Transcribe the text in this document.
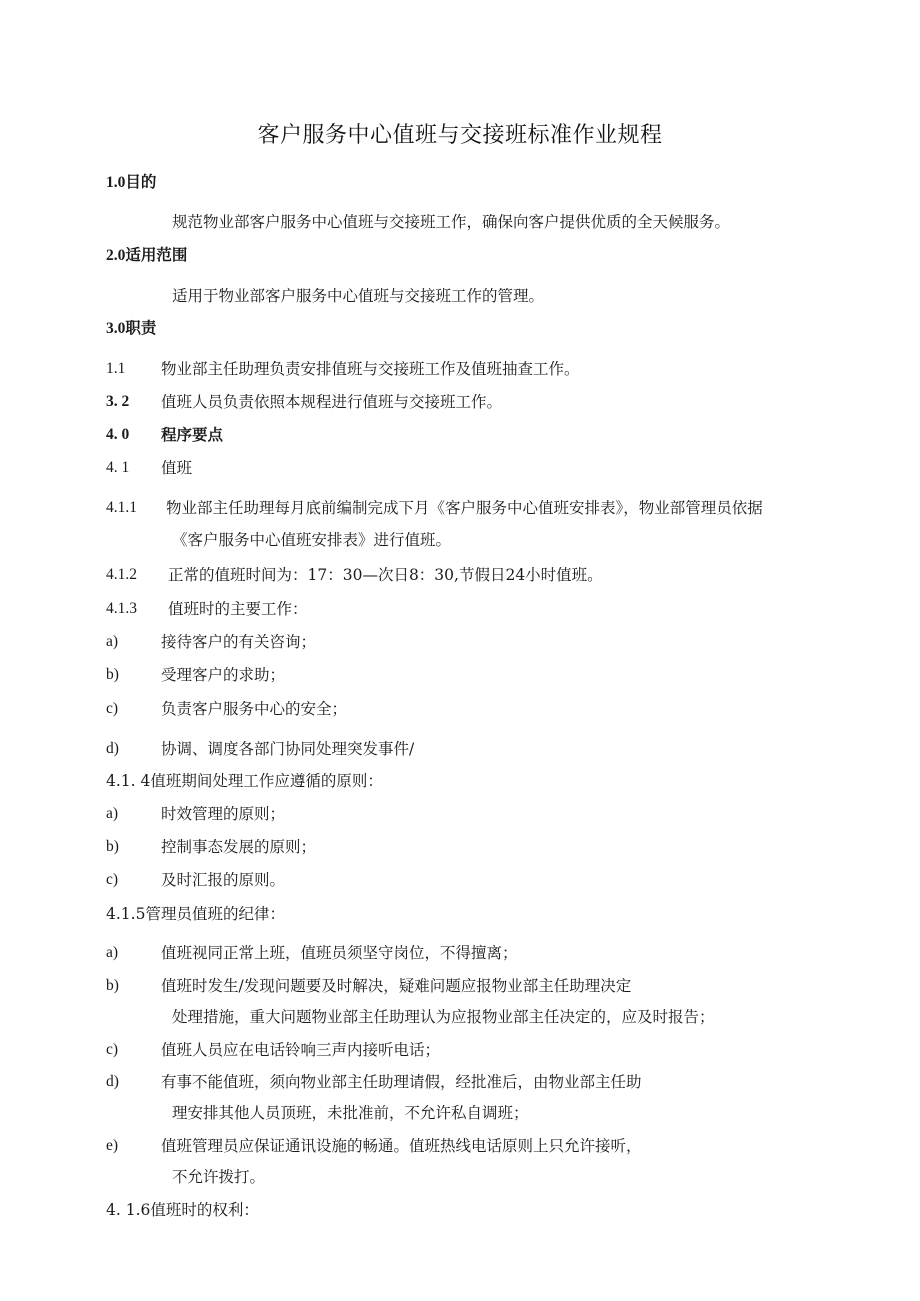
客户服务中心值班与交接班标准作业规程
1.0目的
规范物业部客户服务中心值班与交接班工作，确保向客户提供优质的全天候服务。
2.0适用范围
适用于物业部客户服务中心值班与交接班工作的管理。
3.0职责
1.1 物业部主任助理负责安排值班与交接班工作及值班抽查工作。
3. 2 值班人员负责依照本规程进行值班与交接班工作。
4. 0 程序要点
4. 1 值班
4.1.1 物业部主任助理每月底前编制完成下月《客户服务中心值班安排表》，物业部管理员依据
《客户服务中心值班安排表》进行值班。
4.1.2 正常的值班时间为：17：30—次日8：30,节假日24小时值班。
4.1.3 值班时的主要工作：
a)	接待客户的有关咨询；
b)	受理客户的求助；
c)	负责客户服务中心的安全；
d)	协调、调度各部门协同处理突发事件/
4.1. 4值班期间处理工作应遵循的原则：
a)	时效管理的原则；
b)	控制事态发展的原则；
c)	及时汇报的原则。
4.1.5管理员值班的纪律：
a)	值班视同正常上班，值班员须坚守岗位，不得擅离；
b)	值班时发生/发现问题要及时解决，疑难问题应报物业部主任助理决定
处理措施，重大问题物业部主任助理认为应报物业部主任决定的，应及时报告；
c)	值班人员应在电话铃响三声内接听电话；
d)	有事不能值班，须向物业部主任助理请假，经批准后，由物业部主任助
理安排其他人员顶班，未批准前，不允许私自调班；
e)	值班管理员应保证通讯设施的畅通。值班热线电话原则上只允许接听，
不允许拨打。
4. 1.6值班时的权利：
